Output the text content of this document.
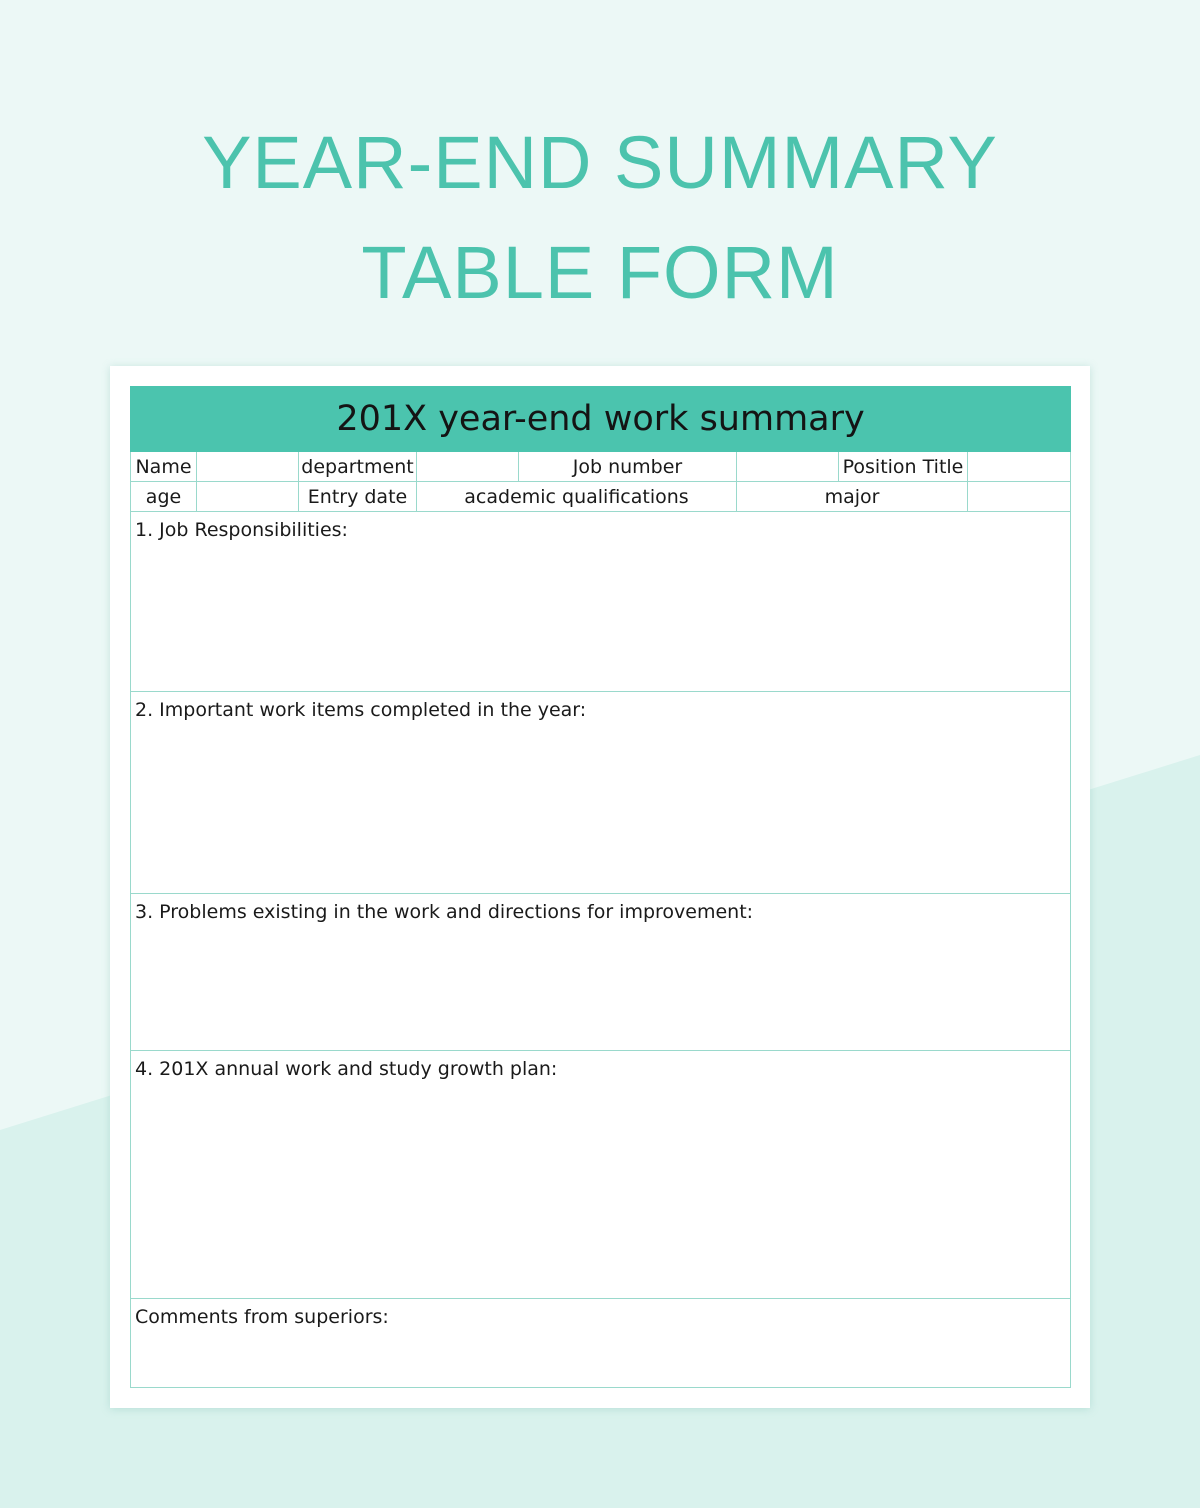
YEAR-END SUMMARY TABLE FORM
201X year-end work summary							
Name		department		Job number		Position Title	
age		Entry date	academic qualifications		major		

1. Job Responsibilities:							

2. Important work items completed in the year:							

3. Problems existing in the work and directions for improvement:							

4. 201X annual work and study growth plan:							

Comments from superiors:							
